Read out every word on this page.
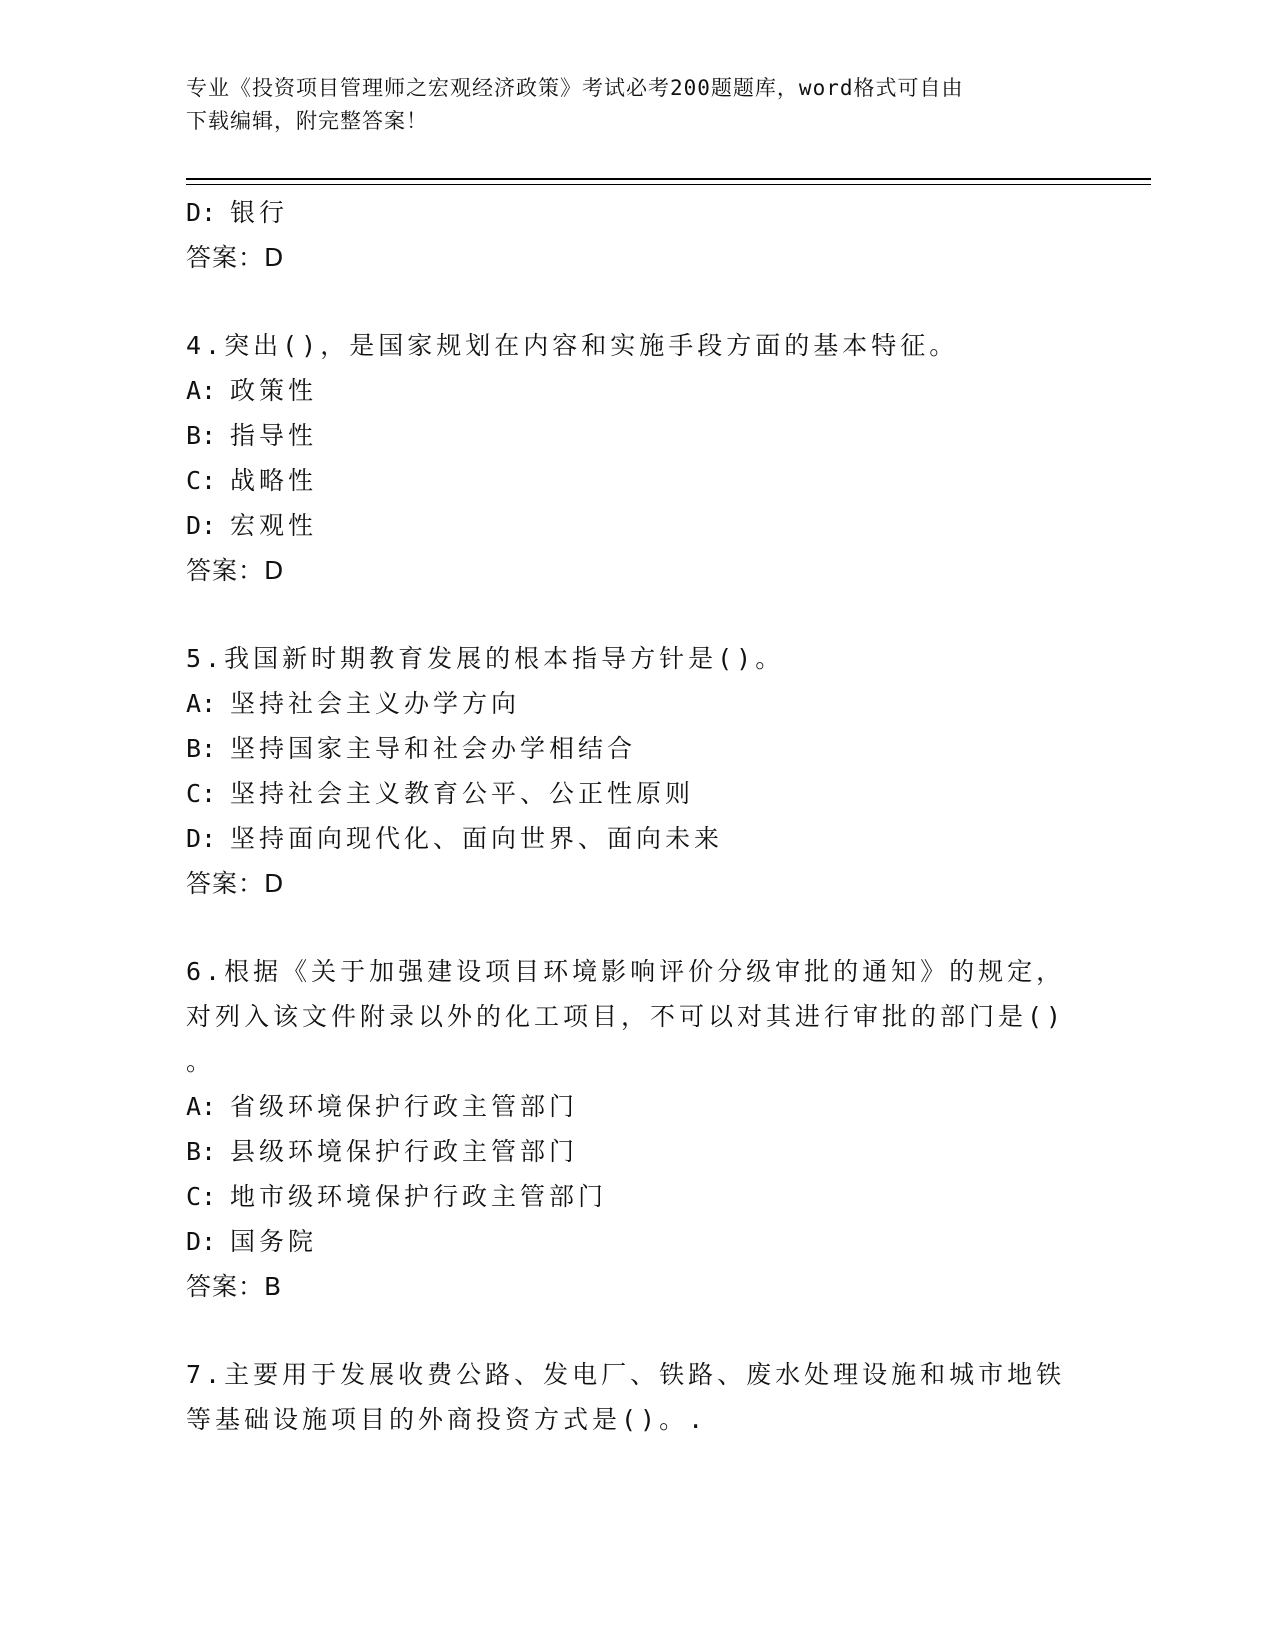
专业《投资项目管理师之宏观经济政策》考试必考200题题库，word格式可自由
下载编辑，附完整答案！
D: 银行
答案：D
4.突出()，是国家规划在内容和实施手段方面的基本特征。
A: 政策性
B: 指导性
C: 战略性
D: 宏观性
答案：D
5.我国新时期教育发展的根本指导方针是()。
A: 坚持社会主义办学方向
B: 坚持国家主导和社会办学相结合
C: 坚持社会主义教育公平、公正性原则
D: 坚持面向现代化、面向世界、面向未来
答案：D
6.根据《关于加强建设项目环境影响评价分级审批的通知》的规定，
对列入该文件附录以外的化工项目，不可以对其进行审批的部门是()
。
A: 省级环境保护行政主管部门
B: 县级环境保护行政主管部门
C: 地市级环境保护行政主管部门
D: 国务院
答案：B
7.主要用于发展收费公路、发电厂、铁路、废水处理设施和城市地铁
等基础设施项目的外商投资方式是()。.
